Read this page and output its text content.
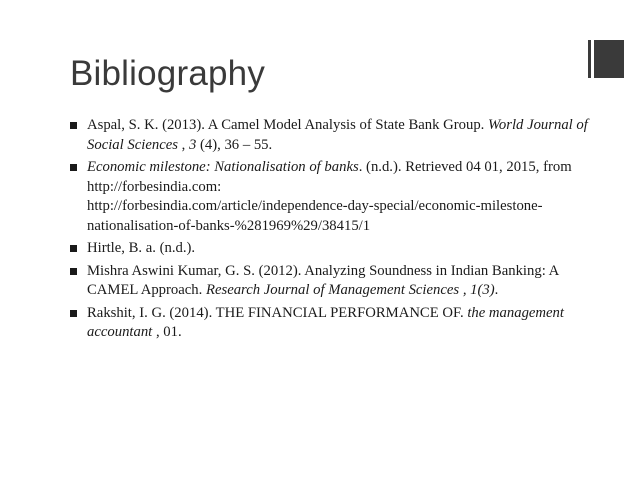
Bibliography
Aspal, S. K. (2013). A Camel Model Analysis of State Bank Group. World Journal of Social Sciences , 3 (4), 36 – 55.
Economic milestone: Nationalisation of banks. (n.d.). Retrieved 04 01, 2015, from http://forbesindia.com:
http://forbesindia.com/article/independence-day-special/economic-milestone-nationalisation-of-banks-%281969%29/38415/1
Hirtle, B. a. (n.d.).
Mishra Aswini Kumar, G. S. (2012). Analyzing Soundness in Indian Banking: A CAMEL Approach. Research Journal of Management Sciences , 1(3).
Rakshit, I. G. (2014). THE FINANCIAL PERFORMANCE OF. the management accountant , 01.
